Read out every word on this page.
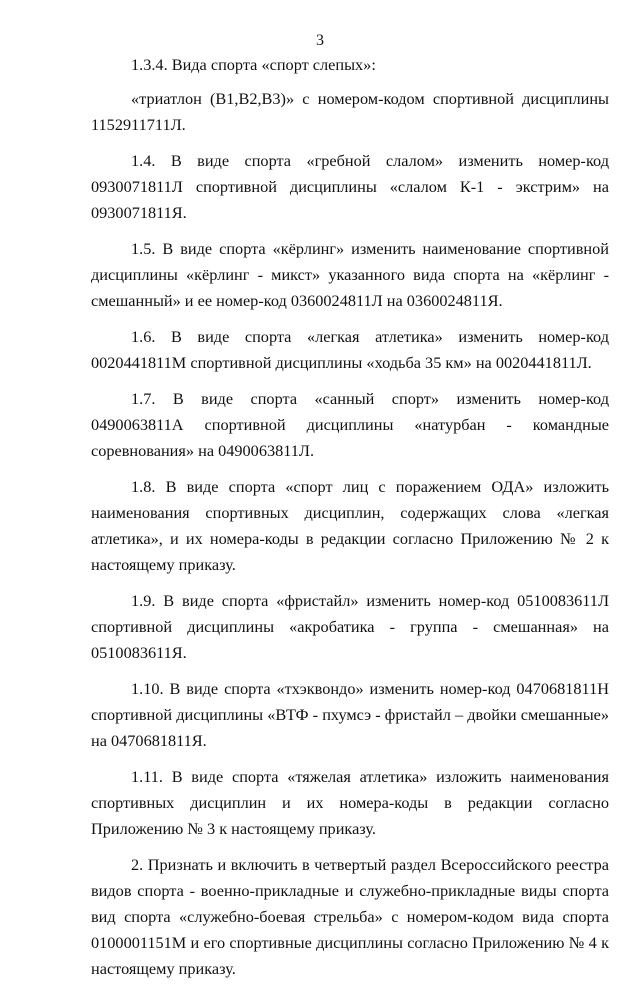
3

1.3.4. Вида спорта «спорт слепых»:

«триатлон (B1,B2,B3)» с номером-кодом спортивной дисциплины 1152911711Л.

1.4. В виде спорта «гребной слалом» изменить номер-код 0930071811Л спортивной дисциплины «слалом К-1 - экстрим» на 0930071811Я.

1.5. В виде спорта «кёрлинг» изменить наименование спортивной дисциплины «кёрлинг - микст» указанного вида спорта на «кёрлинг - смешанный» и ее номер-код 0360024811Л на 0360024811Я.

1.6. В виде спорта «легкая атлетика» изменить номер-код 0020441811М спортивной дисциплины «ходьба 35 км» на 0020441811Л.

1.7. В виде спорта «санный спорт» изменить номер-код 0490063811А спортивной дисциплины «натурбан - командные соревнования» на 0490063811Л.

1.8. В виде спорта «спорт лиц с поражением ОДА» изложить наименования спортивных дисциплин, содержащих слова «легкая атлетика», и их номера-коды в редакции согласно Приложению № 2 к настоящему приказу.

1.9. В виде спорта «фристайл» изменить номер-код 0510083611Л спортивной дисциплины «акробатика - группа - смешанная» на 0510083611Я.

1.10. В виде спорта «тхэквондо» изменить номер-код 0470681811Н спортивной дисциплины «ВТФ - пхумсэ - фристайл – двойки смешанные» на 0470681811Я.

1.11. В виде спорта «тяжелая атлетика» изложить наименования спортивных дисциплин и их номера-коды в редакции согласно Приложению № 3 к настоящему приказу.

2. Признать и включить в четвертый раздел Всероссийского реестра видов спорта - военно-прикладные и служебно-прикладные виды спорта вид спорта «служебно-боевая стрельба» с номером-кодом вида спорта 0100001151М и его спортивные дисциплины согласно Приложению № 4 к настоящему приказу.
